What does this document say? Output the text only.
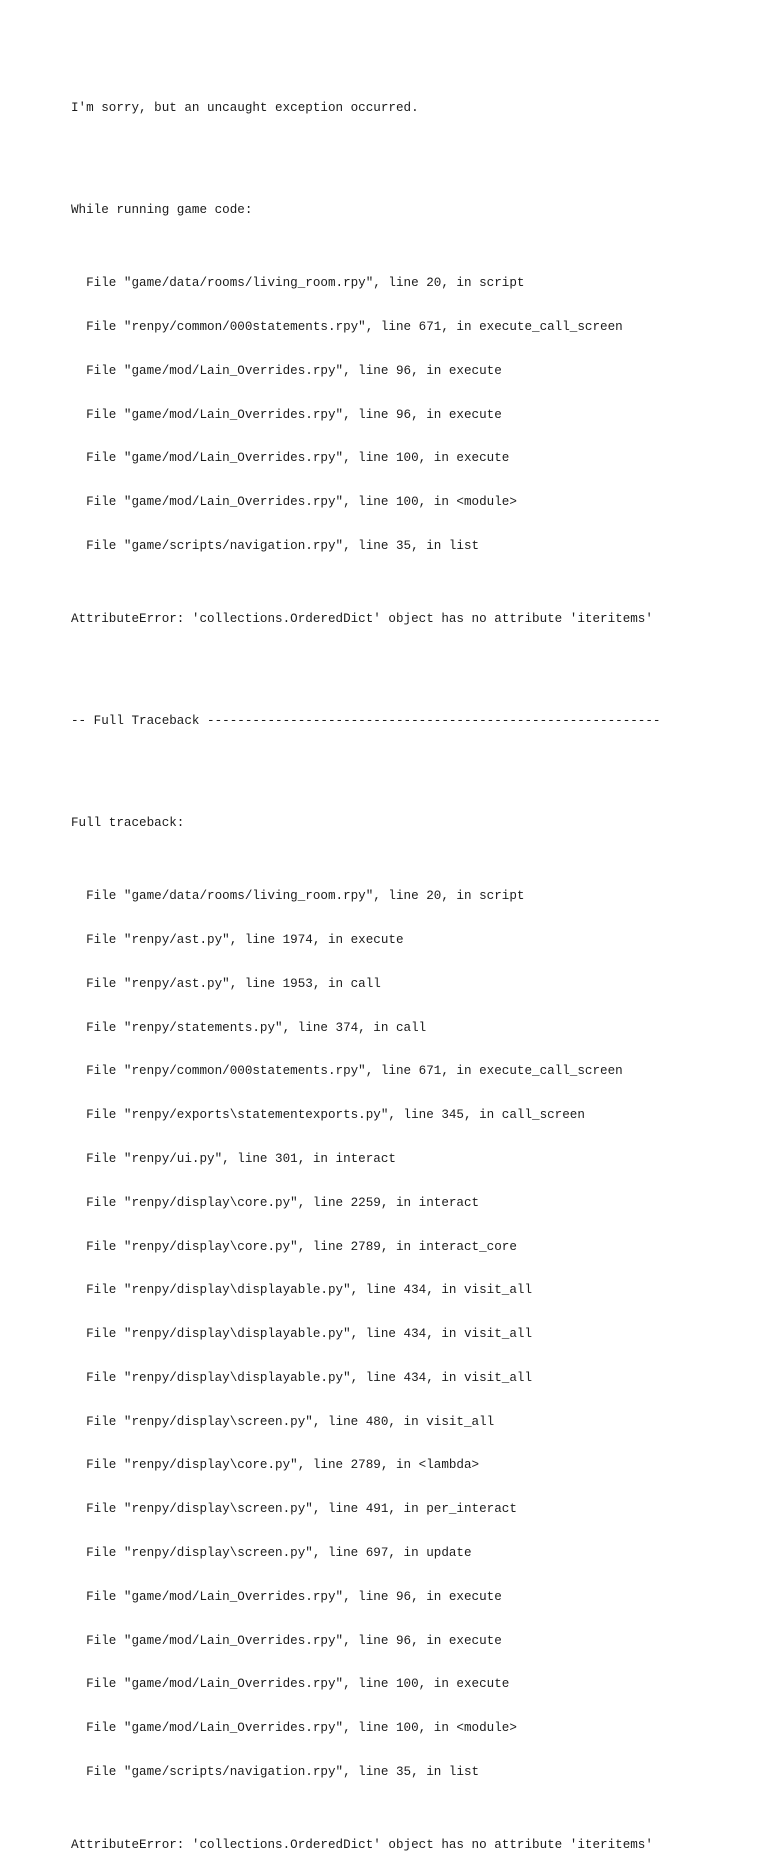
I'm sorry, but an uncaught exception occurred.

While running game code:

File "game/data/rooms/living_room.rpy", line 20, in script

File "renpy/common/000statements.rpy", line 671, in execute_call_screen

File "game/mod/Lain_Overrides.rpy", line 96, in execute

File "game/mod/Lain_Overrides.rpy", line 96, in execute

File "game/mod/Lain_Overrides.rpy", line 100, in execute

File "game/mod/Lain_Overrides.rpy", line 100, in <module>

File "game/scripts/navigation.rpy", line 35, in list

AttributeError: 'collections.OrderedDict' object has no attribute 'iteritems'

-- Full Traceback ------------------------------------------------------------

Full traceback:

File "game/data/rooms/living_room.rpy", line 20, in script

File "renpy/ast.py", line 1974, in execute

File "renpy/ast.py", line 1953, in call

File "renpy/statements.py", line 374, in call

File "renpy/common/000statements.rpy", line 671, in execute_call_screen

File "renpy/exports\statementexports.py", line 345, in call_screen

File "renpy/ui.py", line 301, in interact

File "renpy/display\core.py", line 2259, in interact

File "renpy/display\core.py", line 2789, in interact_core

File "renpy/display\displayable.py", line 434, in visit_all

File "renpy/display\displayable.py", line 434, in visit_all

File "renpy/display\displayable.py", line 434, in visit_all

File "renpy/display\screen.py", line 480, in visit_all

File "renpy/display\core.py", line 2789, in <lambda>

File "renpy/display\screen.py", line 491, in per_interact

File "renpy/display\screen.py", line 697, in update

File "game/mod/Lain_Overrides.rpy", line 96, in execute

File "game/mod/Lain_Overrides.rpy", line 96, in execute

File "game/mod/Lain_Overrides.rpy", line 100, in execute

File "game/mod/Lain_Overrides.rpy", line 100, in <module>

File "game/scripts/navigation.rpy", line 35, in list

AttributeError: 'collections.OrderedDict' object has no attribute 'iteritems'
